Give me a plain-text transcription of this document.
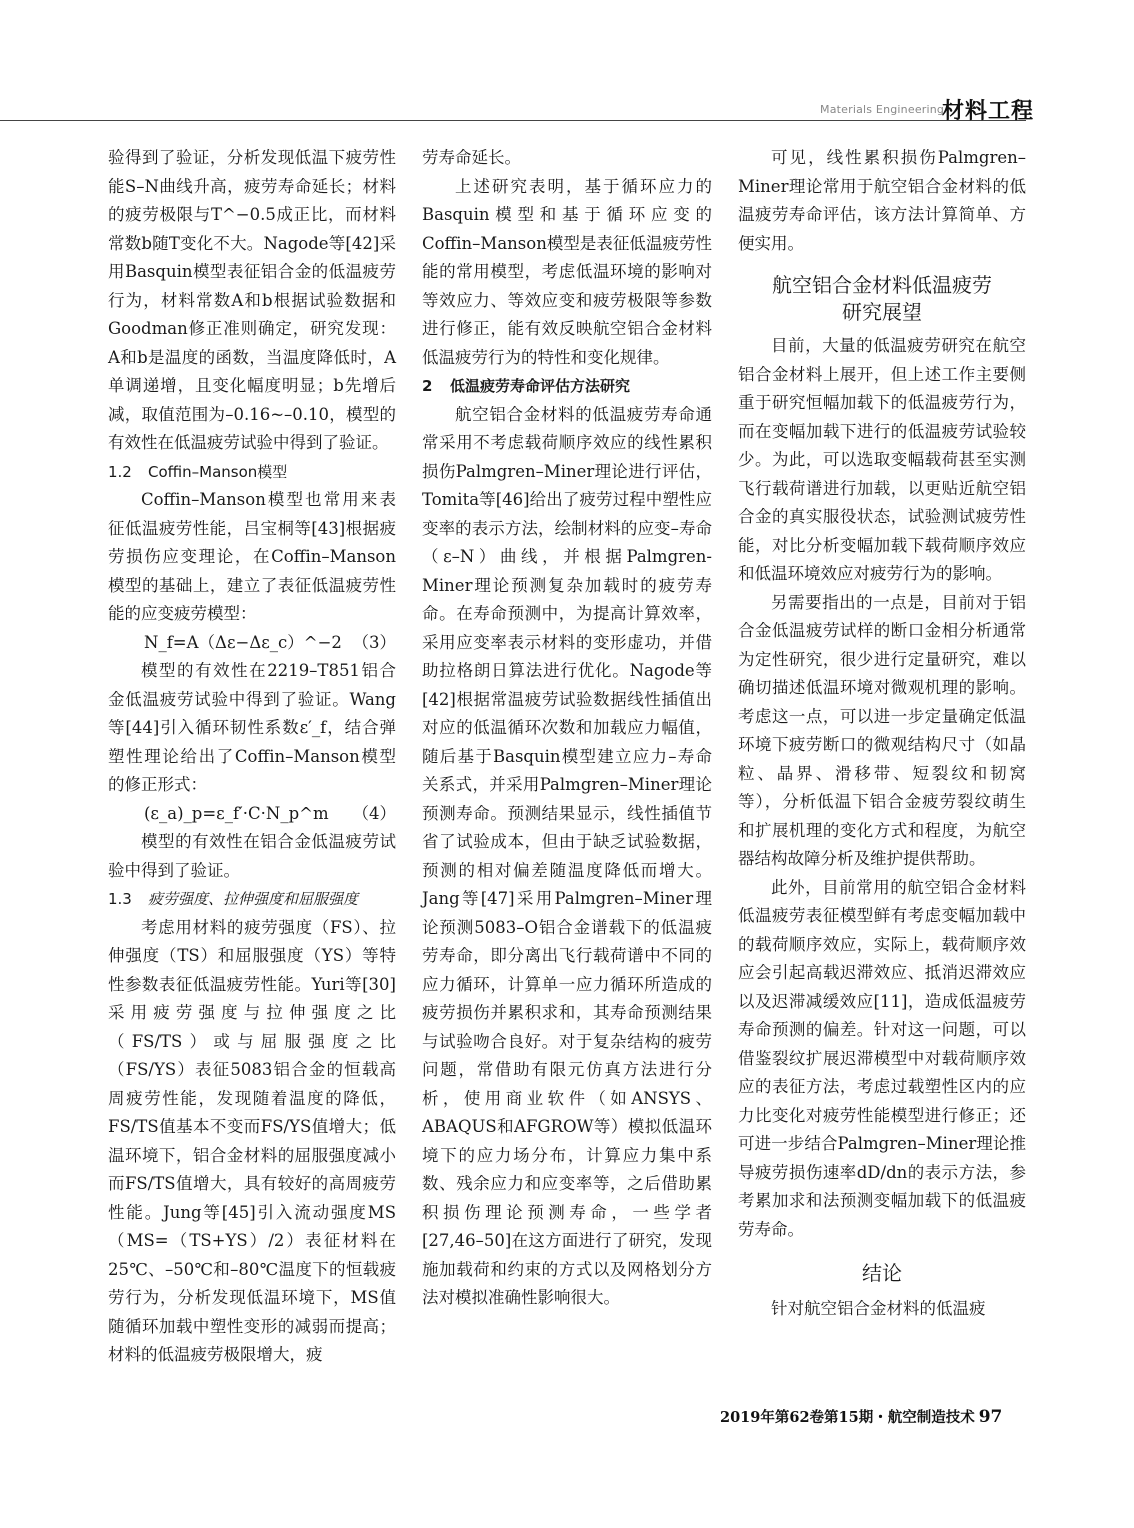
Materials Engineering
材料工程

验得到了验证，分析发现低温下疲劳性能S–N曲线升高，疲劳寿命延长；材料的疲劳极限与T^−0.5成正比，而材料常数b随T变化不大。Nagode等[42]采用Basquin模型表征铝合金的低温疲劳行为，材料常数A和b根据试验数据和Goodman修正准则确定，研究发现：A和b是温度的函数，当温度降低时，A单调递增，且变化幅度明显；b先增后减，取值范围为–0.16~–0.10，模型的有效性在低温疲劳试验中得到了验证。

1.2 Coffin–Manson模型

Coffin–Manson模型也常用来表征低温疲劳性能，吕宝桐等[43]根据疲劳损伤应变理论，在Coffin–Manson模型的基础上，建立了表征低温疲劳性能的应变疲劳模型：

N_f=A（Δε−Δε_c）^−2 （3）

模型的有效性在2219–T851铝合金低温疲劳试验中得到了验证。Wang等[44]引入循环韧性系数ε′_f，结合弹塑性理论给出了Coffin–Manson模型的修正形式：

(ε_a)_p=ε_f′·C·N_p^m （4）

模型的有效性在铝合金低温疲劳试验中得到了验证。

1.3 疲劳强度、拉伸强度和屈服强度

考虑用材料的疲劳强度（FS）、拉伸强度（TS）和屈服强度（YS）等特性参数表征低温疲劳性能。Yuri等[30]采用疲劳强度与拉伸强度之比（FS/TS）或与屈服强度之比（FS/YS）表征5083铝合金的恒载高周疲劳性能，发现随着温度的降低，FS/TS值基本不变而FS/YS值增大；低温环境下，铝合金材料的屈服强度减小而FS/TS值增大，具有较好的高周疲劳性能。Jung等[45]引入流动强度MS（MS=（TS+YS）/2）表征材料在25℃、–50℃和–80℃温度下的恒载疲劳行为，分析发现低温环境下，MS值随循环加载中塑性变形的减弱而提高；材料的低温疲劳极限增大，疲

劳寿命延长。

上述研究表明，基于循环应力的Basquin模型和基于循环应变的Coffin–Manson模型是表征低温疲劳性能的常用模型，考虑低温环境的影响对等效应力、等效应变和疲劳极限等参数进行修正，能有效反映航空铝合金材料低温疲劳行为的特性和变化规律。

2 低温疲劳寿命评估方法研究

航空铝合金材料的低温疲劳寿命通常采用不考虑载荷顺序效应的线性累积损伤Palmgren–Miner理论进行评估，Tomita等[46]给出了疲劳过程中塑性应变率的表示方法，绘制材料的应变–寿命（ε–N）曲线，并根据Palmgren-Miner理论预测复杂加载时的疲劳寿命。在寿命预测中，为提高计算效率，采用应变率表示材料的变形虚功，并借助拉格朗日算法进行优化。Nagode等[42]根据常温疲劳试验数据线性插值出对应的低温循环次数和加载应力幅值，随后基于Basquin模型建立应力–寿命关系式，并采用Palmgren–Miner理论预测寿命。预测结果显示，线性插值节省了试验成本，但由于缺乏试验数据，预测的相对偏差随温度降低而增大。Jang等[47]采用Palmgren–Miner理论预测5083–O铝合金谱载下的低温疲劳寿命，即分离出飞行载荷谱中不同的应力循环，计算单一应力循环所造成的疲劳损伤并累积求和，其寿命预测结果与试验吻合良好。对于复杂结构的疲劳问题，常借助有限元仿真方法进行分析，使用商业软件（如ANSYS、ABAQUS和AFGROW等）模拟低温环境下的应力场分布，计算应力集中系数、残余应力和应变率等，之后借助累积损伤理论预测寿命，一些学者[27,46–50]在这方面进行了研究，发现施加载荷和约束的方式以及网格划分方法对模拟准确性影响很大。

可见，线性累积损伤Palmgren–Miner理论常用于航空铝合金材料的低温疲劳寿命评估，该方法计算简单、方便实用。

航空铝合金材料低温疲劳
研究展望

目前，大量的低温疲劳研究在航空铝合金材料上展开，但上述工作主要侧重于研究恒幅加载下的低温疲劳行为，而在变幅加载下进行的低温疲劳试验较少。为此，可以选取变幅载荷甚至实测飞行载荷谱进行加载，以更贴近航空铝合金的真实服役状态，试验测试疲劳性能，对比分析变幅加载下载荷顺序效应和低温环境效应对疲劳行为的影响。

另需要指出的一点是，目前对于铝合金低温疲劳试样的断口金相分析通常为定性研究，很少进行定量研究，难以确切描述低温环境对微观机理的影响。考虑这一点，可以进一步定量确定低温环境下疲劳断口的微观结构尺寸（如晶粒、晶界、滑移带、短裂纹和韧窝等），分析低温下铝合金疲劳裂纹萌生和扩展机理的变化方式和程度，为航空器结构故障分析及维护提供帮助。

此外，目前常用的航空铝合金材料低温疲劳表征模型鲜有考虑变幅加载中的载荷顺序效应，实际上，载荷顺序效应会引起高载迟滞效应、抵消迟滞效应以及迟滞减缓效应[11]，造成低温疲劳寿命预测的偏差。针对这一问题，可以借鉴裂纹扩展迟滞模型中对载荷顺序效应的表征方法，考虑过载塑性区内的应力比变化对疲劳性能模型进行修正；还可进一步结合Palmgren–Miner理论推导疲劳损伤速率dD/dn的表示方法，参考累加求和法预测变幅加载下的低温疲劳寿命。

结论

针对航空铝合金材料的低温疲

2019年第62卷第15期・航空制造技术 97
